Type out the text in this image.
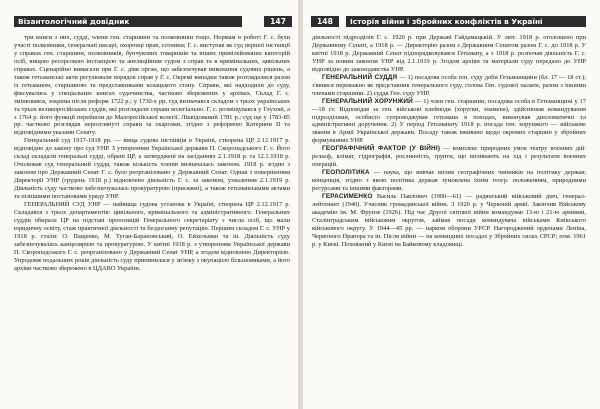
Візантологічний довідник	147

три книги з них, судді, члени ген. старшини та полковники тощо. Нормам в роботі Г. с. були участі полковники, генеральні писарі, охоронці прав, сотники; Г. с. виступав як суд першої інстанції у справах ген. старшини, полковників, бунчукових товаришів та інших привілейованих категорій осіб, вищою ресорсовою інстанцією та апеляційним судом з справ та в кримінальних, цивільних справах. Сценарійно вимагали при Г. с. діяв орган, що забезпечував виконання судових рішень, а також гетьманські акти регулювали порядок справ у Г. с. Окремі випадки також розглядалися разом із гетьманом, старшиною та представниками козацького стану. Справи, які надходили до суду, фіксувались у спеціальних книгах судочинства, частково збережених у архівах. Склад Г. с. змінювався, зокрема після реформ 1722 р.; у 1730-х рр. суд визначався складом з трьох українських та трьох великоросійських суддів, які розглядали справи колегіально. Г. с. розміщувався у Глухові, а з 1764 р. його функції перейшли до Малоросійської колегії. Ліквідований 1781 р.; суд ще у 1783-85 рр. частково розглядав нерозглянуті справи за скаргами, згідно з реформою Катерини ІІ та відповідними указами Сенату.

Генеральний суд 1917-1918 рр. — вища судова інстанція в Україні, створена ЦР 2.12.1917 р. відповідно до закону про суд УНР. З утворенням Української держави П. Скоропадського Г. с. Його склад складали генеральні судді, обрані ЦР, а затверджені на засіданнях 2.1.1918 р. та 12.1.1918 р. Очолював суд генеральний суддя, також кількість членів визначалась законом. 1918 р. згідно з законом про Державний Сенат Г. с. було реорганізовано у Державний Сенат. Однак з поверненням Директорії УНР (грудень 1918 р.) відновлено діяльність Г. с. за законом, ухваленим 2.1.1919 р. Діяльність суду частково забезпечувалась прокуратурою (присяжні), а також гетьманськими актами та пізнішими постановами уряду УНР.

ГЕНЕРАЛЬНИЙ СУД УНР — найвища судова установа в Україні, створена ЦР 2.12.1917 р. Складався з трьох департаментів: цивільного, кримінального та адміністративного. Генеральних суддів обирала ЦР на підставі пропозицій Генерального секретаріату з числа осіб, що мали юридичну освіту, стаж практичної діяльності та бездоганну репутацію. Першим складом Г. с. УНР у 1918 р. стали: О. Пащенко, М. Туган-Барановський, О. Ейхельман та ін. Діяльність суду забезпечувалась канцелярією та прокуратурою. У квітні 1918 р. з утворенням Української держави П. Скоропадського Г. с. реорганізовано у Державний Сенат УНР, а згодом відновлено Директорією. Упродовж подальших років діяльність суду припинилася у зв'язку з окупацією більшовиками, а його архіви частково збережено в ЦДАВО України.

148	Історія війни і збройних конфліктів в Україні

діяльності підрозділів Г. с. 1920 р. при Державі Гайдамацькій. У лют. 1918 р. оголошено при Державному Сенаті, а 1918 р. — Директорію разом з Державним Сенатом разом Г. с. до 1918 р. У квітні 1918 р. Державний Сенат підпорядковувався Гетьману, а з 1918 р. розпочав діяльність Г. с. УНР за новим законом УНР від 2.1.1919 р. Згодом архіви та матеріали суду передано до УНР відповідно до законодавства УНР.

ГЕНЕРАЛЬНИЙ СУДДЯ — 1) посадова особа ген. суду доби Гетьманщини (бл. 17 — 18 ст.); з'явився переважно як представник генерального суду, голова Ген. судової палати, разом з іншими членами старшини. 2) суддя Ген. суду УНР.

ГЕНЕРАЛЬНИЙ ХОРУНЖИЙ — 1) член ген. старшини, посадова особа в Гетьманщині у 17—18 ст. Відповідав за ген. військові клейноди (хоругви, знамена), здійснював командування підрозділами, особисто супроводжував гетьмана в походах, виконував дипломатичні та адміністративні доручення. 2) У період Гетьманату 1918 р. посада ген. хорунжого — військове звання в Армії Української держави. Посаду також вживано щодо окремих старшин у збройних формуваннях УНР.

ГЕОГРАФІЧНИЙ ФАКТОР (У ВІЙНІ) — комплекс природних умов театру воєнних дій: рельєф, клімат, гідрографія, рослинність, ґрунти, що впливають на хід і результати воєнних операцій.

ГЕОПОЛІТИКА — наука, що вивчає вплив географічних чинників на політику держав; концепція, згідно з якою політика держав зумовлена їхнім геогр. положенням, природними ресурсами та іншими факторами.

ГЕРАСИМЕНКО Василь Павлович (1900—61) — радянський військовий діяч, генерал-лейтенант (1940). Учасник громадянської війни. З 1920 р. у Червоній армії. Закінчив Військову академію ім. М. Фрунзе (1926). Під час Другої світової війни командував 13-ю і 21-ю арміями, Сталінградським військовим округом, займав посади командувача військами Київського військового округу. У 1944—45 рр. — нарком оборони УРСР. Нагороджений орденами Леніна, Червоного Прапора та ін. Після війни — на командних посадах у Збройних силах СРСР; пом. 1961 р. у Києві. Похований у Києві на Байковому кладовищі.
